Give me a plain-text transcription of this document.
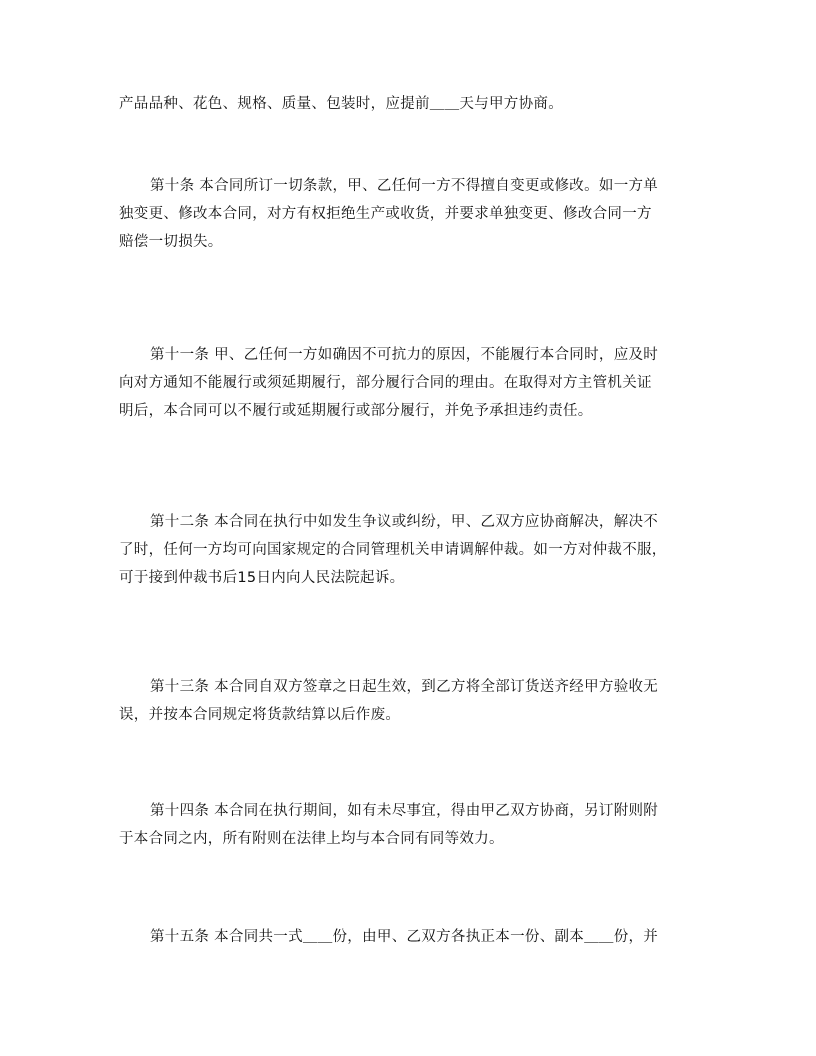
产品品种、花色、规格、质量、包装时，应提前＿＿天与甲方协商。
第十条 本合同所订一切条款，甲、乙任何一方不得擅自变更或修改。如一方单
独变更、修改本合同，对方有权拒绝生产或收货，并要求单独变更、修改合同一方
赔偿一切损失。
第十一条 甲、乙任何一方如确因不可抗力的原因，不能履行本合同时，应及时
向对方通知不能履行或须延期履行，部分履行合同的理由。在取得对方主管机关证
明后，本合同可以不履行或延期履行或部分履行，并免予承担违约责任。
第十二条 本合同在执行中如发生争议或纠纷，甲、乙双方应协商解决，解决不
了时，任何一方均可向国家规定的合同管理机关申请调解仲裁。如一方对仲裁不服，
可于接到仲裁书后15日内向人民法院起诉。
第十三条 本合同自双方签章之日起生效，到乙方将全部订货送齐经甲方验收无
误，并按本合同规定将货款结算以后作废。
第十四条 本合同在执行期间，如有未尽事宜，得由甲乙双方协商，另订附则附
于本合同之内，所有附则在法律上均与本合同有同等效力。
第十五条 本合同共一式＿＿份，由甲、乙双方各执正本一份、副本＿＿份，并
